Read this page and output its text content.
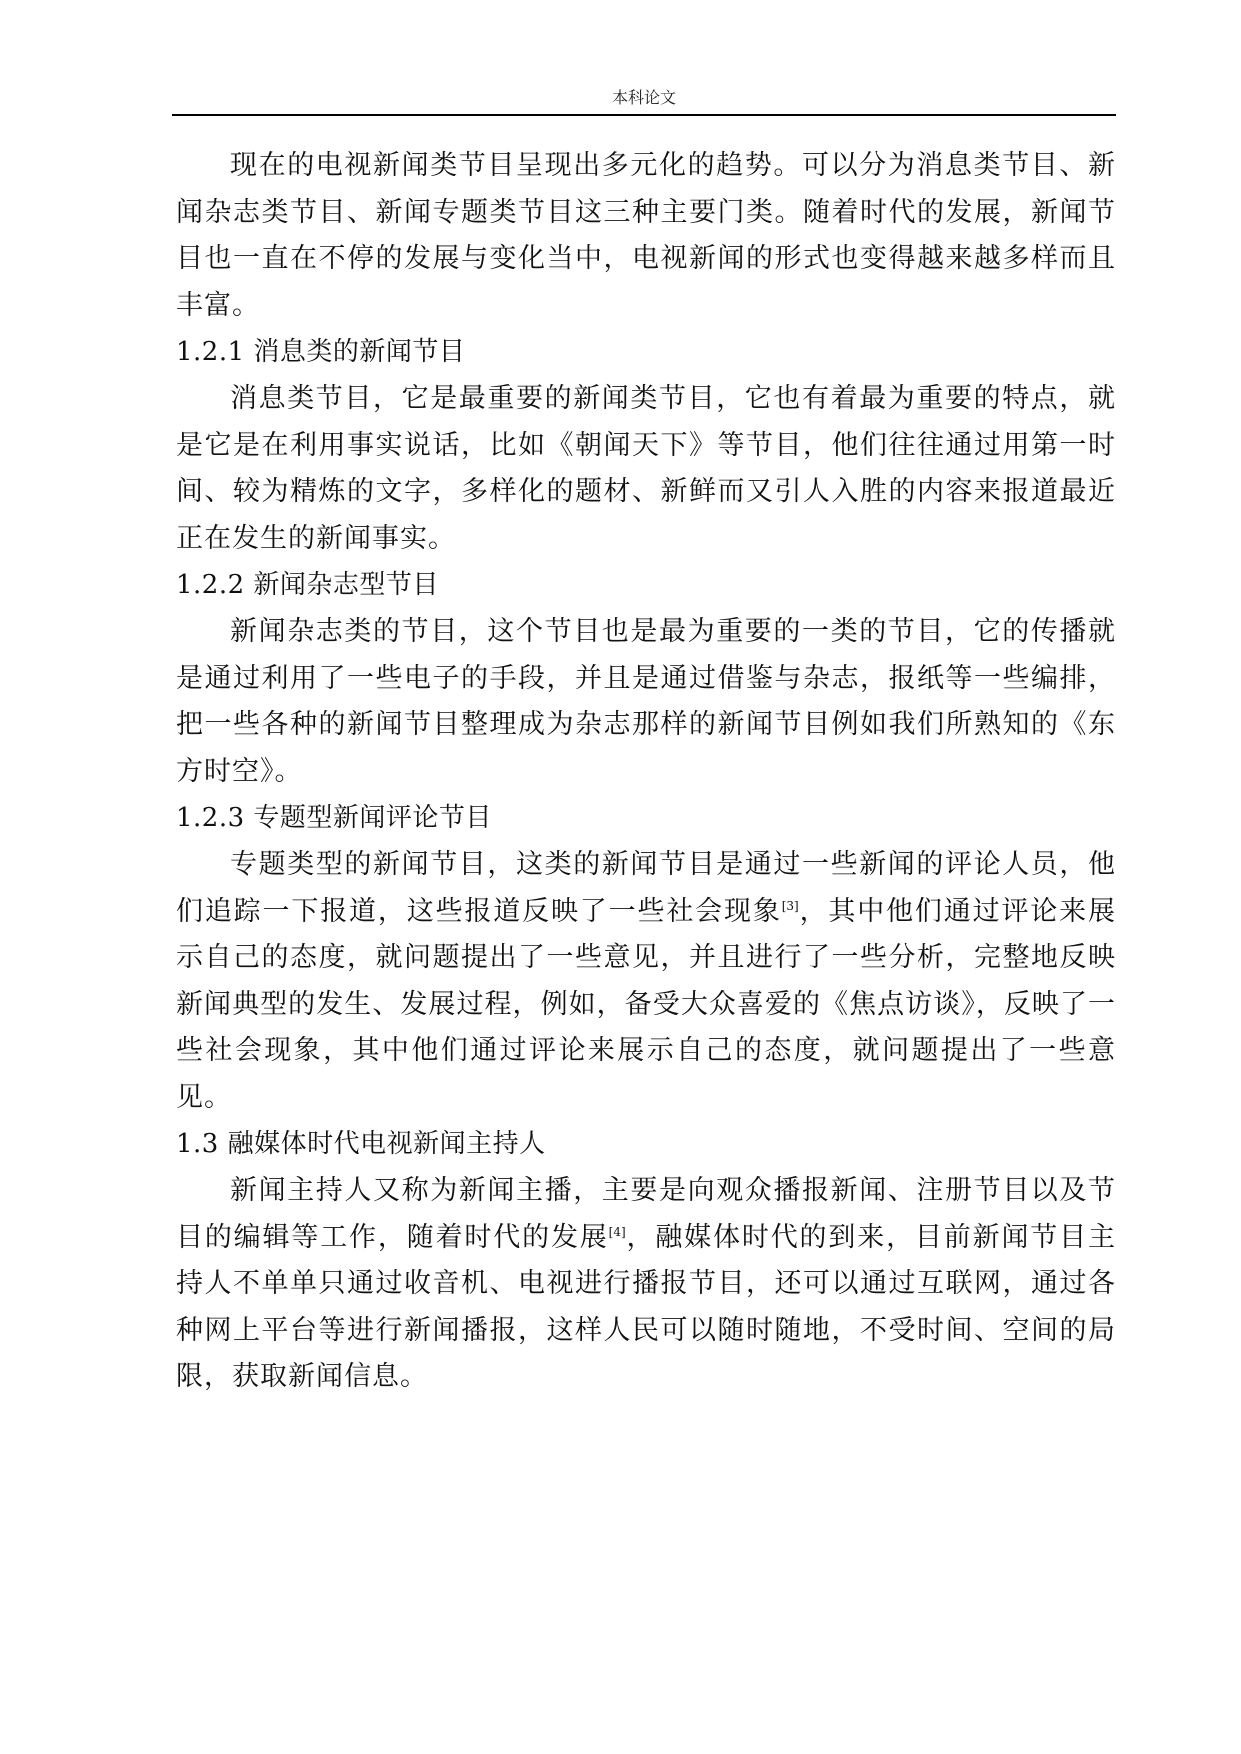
本科论文

现在的电视新闻类节目呈现出多元化的趋势。可以分为消息类节目、新闻杂志类节目、新闻专题类节目这三种主要门类。随着时代的发展，新闻节目也一直在不停的发展与变化当中，电视新闻的形式也变得越来越多样而且丰富。

1.2.1 消息类的新闻节目

消息类节目，它是最重要的新闻类节目，它也有着最为重要的特点，就是它是在利用事实说话，比如《朝闻天下》等节目，他们往往通过用第一时间、较为精炼的文字，多样化的题材、新鲜而又引人入胜的内容来报道最近正在发生的新闻事实。

1.2.2 新闻杂志型节目

新闻杂志类的节目，这个节目也是最为重要的一类的节目，它的传播就是通过利用了一些电子的手段，并且是通过借鉴与杂志，报纸等一些编排，把一些各种的新闻节目整理成为杂志那样的新闻节目例如我们所熟知的《东方时空》。

1.2.3 专题型新闻评论节目

专题类型的新闻节目，这类的新闻节目是通过一些新闻的评论人员，他们追踪一下报道，这些报道反映了一些社会现象[3]，其中他们通过评论来展示自己的态度，就问题提出了一些意见，并且进行了一些分析，完整地反映新闻典型的发生、发展过程，例如，备受大众喜爱的《焦点访谈》，反映了一些社会现象，其中他们通过评论来展示自己的态度，就问题提出了一些意见。

1.3 融媒体时代电视新闻主持人

新闻主持人又称为新闻主播，主要是向观众播报新闻、注册节目以及节目的编辑等工作，随着时代的发展[4]，融媒体时代的到来，目前新闻节目主持人不单单只通过收音机、电视进行播报节目，还可以通过互联网，通过各种网上平台等进行新闻播报，这样人民可以随时随地，不受时间、空间的局限，获取新闻信息。
